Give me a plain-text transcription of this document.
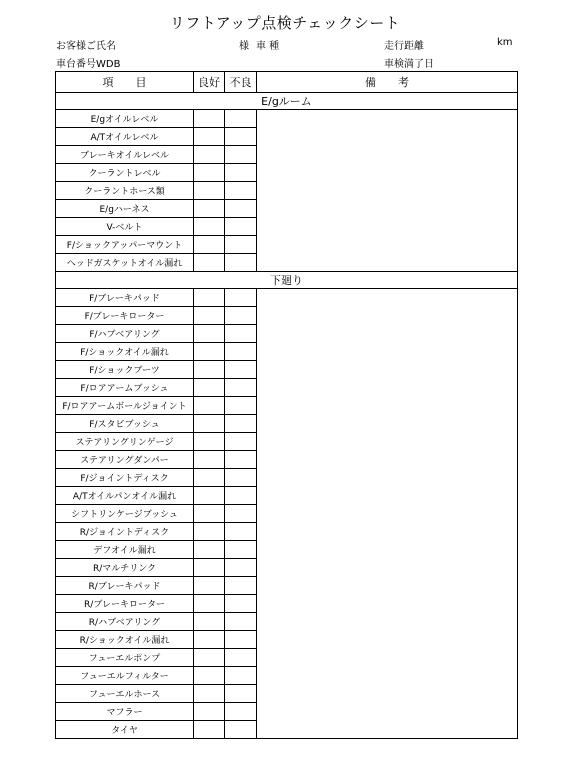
リフトアップ点検チェックシート
お客様ご氏名	様 車 種	走行距離	km
車台番号WDB	車検満了日
項　　目	良好	不良	備　　考
E/gルーム			
E/gオイルレベル			
A/Tオイルレベル			
ブレーキオイルレベル			
クーラントレベル			
クーラントホース類			
E/gハーネス			
V-ベルト			
F/ショックアッパーマウント			
ヘッドガスケットオイル漏れ			
下廻り			
F/ブレーキパッド			
F/ブレーキローター			
F/ハブベアリング			
F/ショックオイル漏れ			
F/ショックブーツ			
F/ロアアームブッシュ			
F/ロアアームボールジョイント			
F/スタビブッシュ			
ステアリングリンゲージ			
ステアリングダンパー			
F/ジョイントディスク			
A/Tオイルパンオイル漏れ			
シフトリンケージブッシュ			
R/ジョイントディスク			
デフオイル漏れ			
R/マルチリンク			
R/ブレーキパッド			
R/ブレーキローター			
R/ハブベアリング			
R/ショックオイル漏れ			
フューエルポンプ			
フューエルフィルター			
フューエルホース			
マフラー			
タイヤ			
